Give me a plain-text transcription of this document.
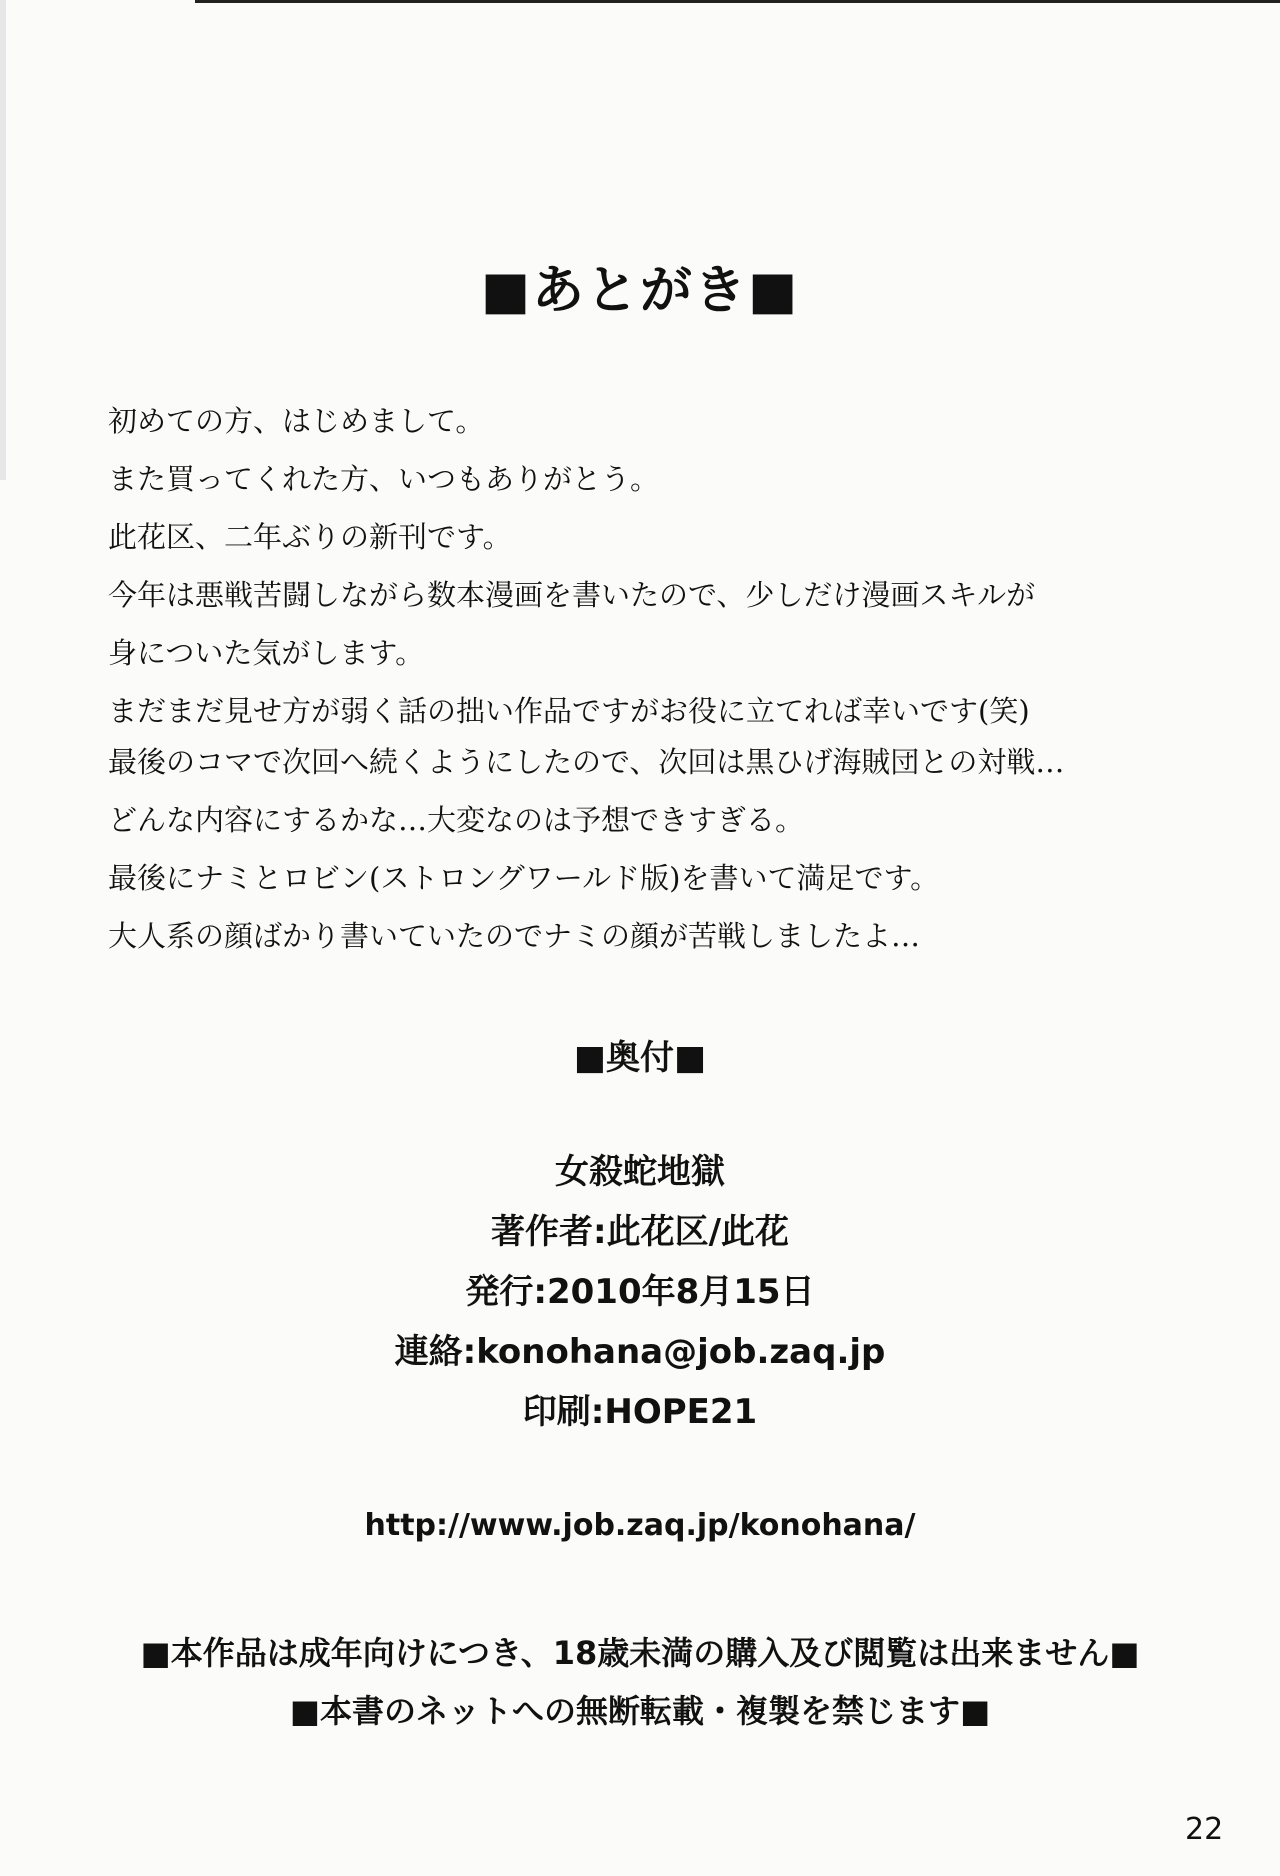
■あとがき■
初めての方、はじめまして。
また買ってくれた方、いつもありがとう。
此花区、二年ぶりの新刊です。
今年は悪戦苦闘しながら数本漫画を書いたので、少しだけ漫画スキルが
身についた気がします。
まだまだ見せ方が弱く話の拙い作品ですがお役に立てれば幸いです(笑)
最後のコマで次回へ続くようにしたので、次回は黒ひげ海賊団との対戦…
どんな内容にするかな…大変なのは予想できすぎる。
最後にナミとロビン(ストロングワールド版)を書いて満足です。
大人系の顔ばかり書いていたのでナミの顔が苦戦しましたよ…
■奥付■
女殺蛇地獄
著作者:此花区/此花
発行:2010年8月15日
連絡:konohana@job.zaq.jp
印刷:HOPE21
http://www.job.zaq.jp/konohana/
■本作品は成年向けにつき、18歳未満の購入及び閲覧は出来ません■
■本書のネットへの無断転載・複製を禁じます■
22
